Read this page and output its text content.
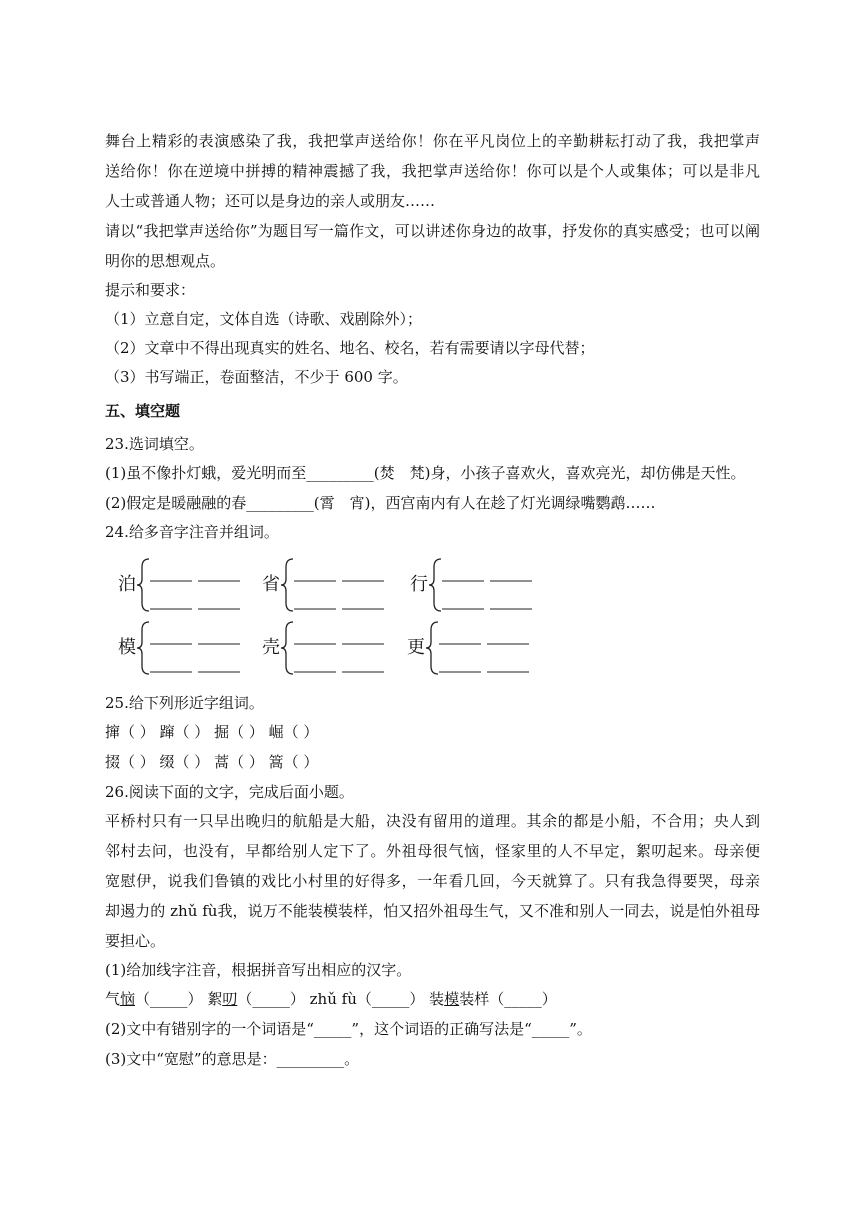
舞台上精彩的表演感染了我，我把掌声送给你！你在平凡岗位上的辛勤耕耘打动了我，我把掌声
送给你！你在逆境中拼搏的精神震撼了我，我把掌声送给你！你可以是个人或集体；可以是非凡
人士或普通人物；还可以是身边的亲人或朋友……
请以“我把掌声送给你”为题目写一篇作文，可以讲述你身边的故事，抒发你的真实感受；也可以阐
明你的思想观点。
提示和要求：
（1）立意自定，文体自选（诗歌、戏剧除外）；
（2）文章中不得出现真实的姓名、地名、校名，若有需要请以字母代替；
（3）书写端正，卷面整洁，不少于 600 字。
五、填空题
23.选词填空。
(1)虽不像扑灯蛾，爱光明而至_________(焚　梵)身，小孩子喜欢火，喜欢亮光，却仿佛是天性。
(2)假定是暖融融的春_________(霄　宵)，西宫南内有人在趁了灯光调绿嘴鹦鹉……
24.给多音字注音并组词。
泊	省	行
模	壳	更
25.给下列形近字组词。
撺（ ） 蹿（ ） 掘（ ） 崛（ ）
掇（ ） 缀（ ） 蒿（ ） 篙（ ）
26.阅读下面的文字，完成后面小题。
平桥村只有一只早出晚归的航船是大船，决没有留用的道理。其余的都是小船，不合用；央人到
邻村去问，也没有，早都给别人定下了。外祖母很气恼，怪家里的人不早定，絮叨起来。母亲便
宽慰伊，说我们鲁镇的戏比小村里的好得多，一年看几回，今天就算了。只有我急得要哭，母亲
却遏力的 zhǔ fù我，说万不能装模装样，怕又招外祖母生气，又不准和别人一同去，说是怕外祖母
要担心。
(1)给加线字注音，根据拼音写出相应的汉字。
气恼（_____） 絮叨（_____） zhǔ fù（_____） 装模装样（_____）
(2)文中有错别字的一个词语是“_____”，这个词语的正确写法是“_____”。
(3)文中“宽慰”的意思是：_________。
